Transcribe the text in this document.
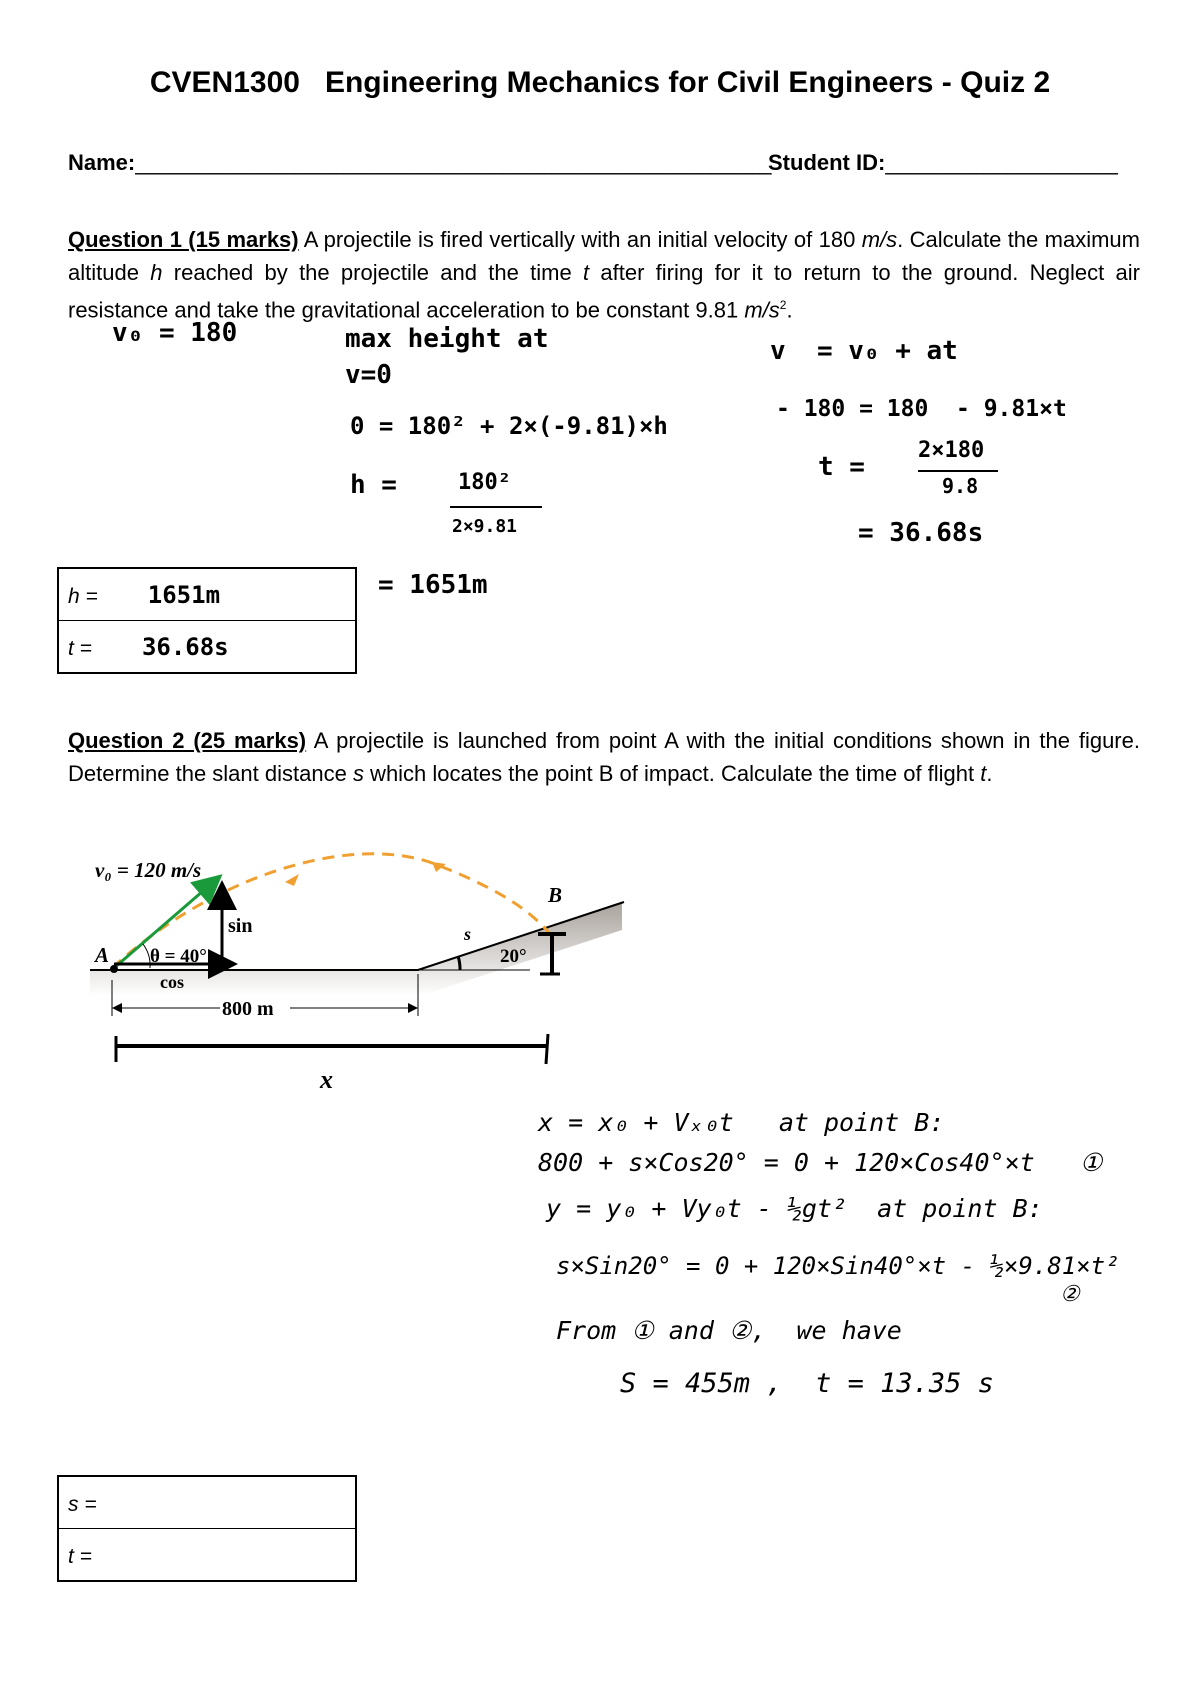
CVEN1300   Engineering Mechanics for Civil Engineers - Quiz 2
Name:____________________________________________________
Student ID:___________________
Question 1 (15 marks) A projectile is fired vertically with an initial velocity of 180 m/s. Calculate the maximum altitude h reached by the projectile and the time t after firing for it to return to the ground. Neglect air resistance and take the gravitational acceleration to be constant 9.81 $m/s^2$.
v₀ = 180	max height at
v=0
0 = 180² + 2×(-9.81)×h
h =	180²
2×9.81
= 1651m
v  = v₀ + at
- 180 = 180  - 9.81×t
t =
2×180
9.8
= 36.68s
h = 1651m
t = 36.68s
Question 2 (25 marks) A projectile is launched from point A with the initial conditions shown in the figure. Determine the slant distance s which locates the point B of impact. Calculate the time of flight t.
sin
cos
v₀ = 120 m/s
A θ = 40°
B
s
20°
800 m
x
x = x₀ + Vₓ₀t   at point B:
800 + s×Cos20° = 0 + 120×Cos40°×t   ①
y = y₀ + Vy₀t - ½gt²  at point B:
s×Sin20° = 0 + 120×Sin40°×t - ½×9.81×t²
②
From ① and ②,  we have
S = 455m ,  t = 13.35 s
s =
t =
